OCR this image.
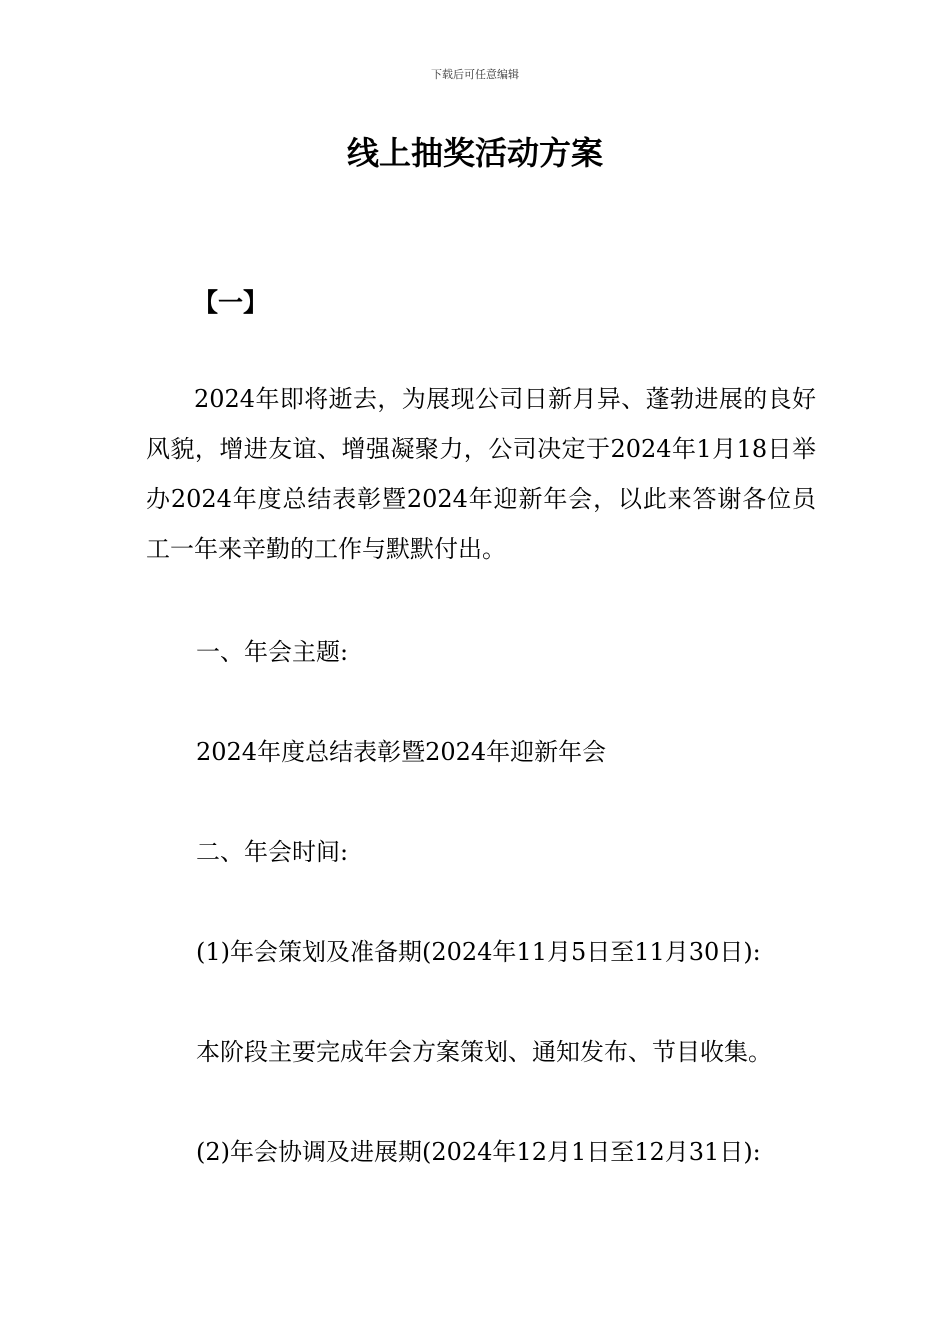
下载后可任意编辑
线上抽奖活动方案
【一】

2024年即将逝去，为展现公司日新月异、蓬勃进展的良好风貌，增进友谊、增强凝聚力，公司决定于2024年1月18日举办2024年度总结表彰暨2024年迎新年会，以此来答谢各位员工一年来辛勤的工作与默默付出。

一、年会主题:

2024年度总结表彰暨2024年迎新年会

二、年会时间:

(1)年会策划及准备期(2024年11月5日至11月30日):

本阶段主要完成年会方案策划、通知发布、节目收集。

(2)年会协调及进展期(2024年12月1日至12月31日):
